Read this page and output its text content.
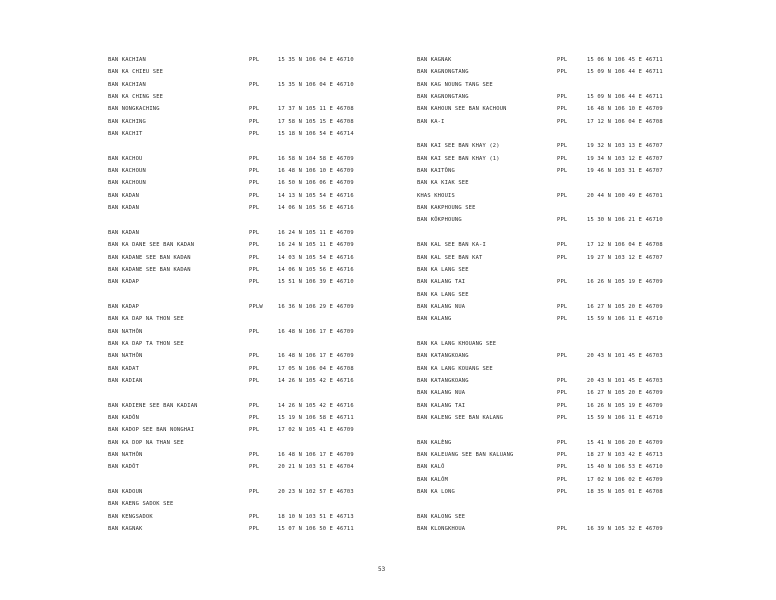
BAN KACHIAN	PPL	15 35 N 106 04 E 46710
BAN KA CHIEU SEE
BAN KACHIAN	PPL	15 35 N 106 04 E 46710
BAN KA CHING SEE
BAN NONGKACHING	PPL	17 37 N 105 11 E 46708
BAN KACHING	PPL	17 58 N 105 15 E 46708
BAN KACHIT	PPL	15 18 N 106 54 E 46714
BAN KACHOU	PPL	16 58 N 104 58 E 46709
BAN KACHOUN	PPL	16 48 N 106 10 E 46709
BAN KACHOUN	PPL	16 50 N 106 06 E 46709
BAN KADAN	PPL	14 13 N 105 54 E 46716
BAN KADAN	PPL	14 06 N 105 56 E 46716
BAN KADAN	PPL	16 24 N 105 11 E 46709
BAN KA DANE SEE BAN KADAN	PPL	16 24 N 105 11 E 46709
BAN KADANE SEE BAN KADAN	PPL	14 03 N 105 54 E 46716
BAN KADANE SEE BAN KADAN	PPL	14 06 N 105 56 E 46716
BAN KADAP	PPL	15 51 N 106 39 E 46710
BAN KADAP	PPLW	16 36 N 106 29 E 46709
BAN KA DAP NA THON SEE
BAN NATHÔN	PPL	16 48 N 106 17 E 46709
BAN KA DAP TA THON SEE
BAN NATHÔN	PPL	16 48 N 106 17 E 46709
BAN KADAT	PPL	17 05 N 106 04 E 46708
BAN KADIAN	PPL	14 26 N 105 42 E 46716
BAN KADIENE SEE BAN KADIAN	PPL	14 26 N 105 42 E 46716
BAN KADÔN	PPL	15 19 N 106 58 E 46711
BAN KADOP SEE BAN NONGHAI	PPL	17 02 N 105 41 E 46709
BAN KA DOP NA THAN SEE
BAN NATHÔN	PPL	16 48 N 106 17 E 46709
BAN KADÔT	PPL	20 21 N 103 51 E 46704
BAN KADOUN	PPL	20 23 N 102 57 E 46703
BAN KAENG SADOK SEE
BAN KENGSADOK	PPL	18 10 N 103 51 E 46713
BAN KAGNAK	PPL	15 07 N 106 50 E 46711
BAN KAGNAK	PPL	15 06 N 106 45 E 46711
BAN KAGNONGTANG	PPL	15 09 N 106 44 E 46711
BAN KAG NOUNG TANG SEE
BAN KAGNONGTANG	PPL	15 09 N 106 44 E 46711
BAN KAHOUN SEE BAN KACHOUN	PPL	16 48 N 106 10 E 46709
BAN KA-I	PPL	17 12 N 106 04 E 46708
BAN KAI SEE BAN KHAY (2)	PPL	19 32 N 103 13 E 46707
BAN KAI SEE BAN KHAY (1)	PPL	19 34 N 103 12 E 46707
BAN KAITÔNG	PPL	19 46 N 103 31 E 46707
BAN KA KIAK SEE
KHAS KHOUIS	PPL	20 44 N 100 49 E 46701
BAN KAKPHOUNG SEE
BAN KÔKPHOUNG	PPL	15 30 N 106 21 E 46710
BAN KAL SEE BAN KA-I	PPL	17 12 N 106 04 E 46708
BAN KAL SEE BAN KAT	PPL	19 27 N 103 12 E 46707
BAN KA LANG SEE
BAN KALANG TAI	PPL	16 26 N 105 19 E 46709
BAN KA LANG SEE
BAN KALANG NUA	PPL	16 27 N 105 20 E 46709
BAN KALANG	PPL	15 59 N 106 11 E 46710
BAN KA LANG KHOUANG SEE
BAN KATANGKOANG	PPL	20 43 N 101 45 E 46703
BAN KA LANG KOUANG SEE
BAN KATANGKOANG	PPL	20 43 N 101 45 E 46703
BAN KALANG NUA	PPL	16 27 N 105 20 E 46709
BAN KALANG TAI	PPL	16 26 N 105 19 E 46709
BAN KALENG SEE BAN KALANG	PPL	15 59 N 106 11 E 46710
BAN KALÈNG	PPL	15 41 N 106 20 E 46709
BAN KALEUANG SEE BAN KALUANG	PPL	18 27 N 103 42 E 46713
BAN KALÔ	PPL	15 40 N 106 53 E 46710
BAN KALÔM	PPL	17 02 N 106 02 E 46709
BAN KA LONG	PPL	18 35 N 105 01 E 46708
BAN KALONG SEE
BAN KLONGKHOUA	PPL	16 39 N 105 32 E 46709
53
